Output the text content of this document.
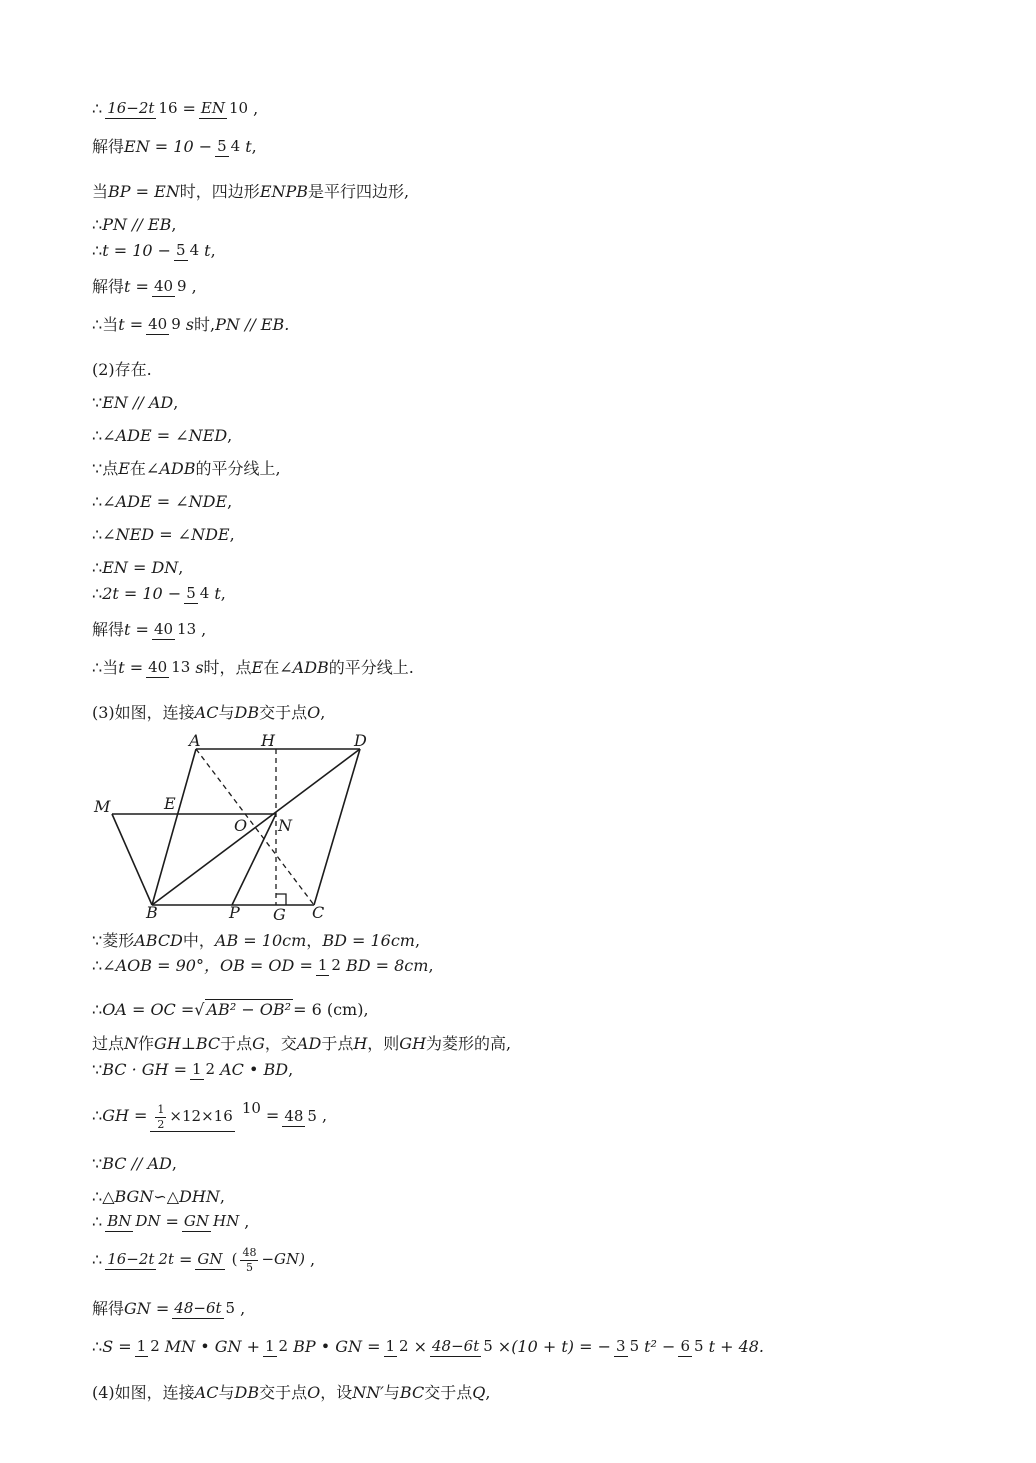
∴ 16−2t 16 = EN 10 ,
解得 EN = 10 − 5 4 t ,
当 BP = EN 时，四边形 ENPB 是平行四边形,
∴ PN // EB ,
∴ t = 10 − 5 4 t ,
解得 t = 40 9 ,
∴ 当 t = 40 9 s 时, PN // EB.
(2)存在.
∵ EN // AD ,
∴ ∠ADE = ∠NED ,
∵ 点 E 在 ∠ADB 的平分线上,
∴ ∠ADE = ∠NDE ,
∴ ∠NED = ∠NDE ,
∴ EN = DN ,
∴ 2t = 10 − 5 4 t ,
解得 t = 40 13 ,
∴ 当 t = 40 13 s 时，点 E 在 ∠ADB 的平分线上.
(3)如图，连接 AC 与 DB 交于点 O ,
A	H	D
M	E
O N
B	P G C
∵ 菱形 ABCD 中， AB = 10cm ， BD = 16cm ,
∴ ∠AOB = 90°，OB = OD = 1 2 BD = 8cm ,
∴ OA = OC = √ AB² − OB² = 6 (cm) ,
过点 N 作 GH⊥BC 于点 G ，交 AD 于点 H ，则 GH 为菱形的高,
∵ BC · GH = 1 2 AC • BD ,
∴ GH = $\frac{1}{2} \times 12\times 16$ 10 = 48 5 ,
∵ BC // AD ,
∴ △BGN∽△DHN ,
∴ BN DN = GN HN ,
∴ 16−2t 2t = GN ( 48
5 −GN) ,
解得 GN = 48−6t 5 ,
∴ S = 1 2 MN • GN + 1 2 BP • GN = 1 2 × 48−6t 5 ×(10 + t) = − 3 5 t² − 6 5 t + 48.
(4)如图，连接 AC 与 DB 交于点 O ，设 NN′ 与 BC 交于点 Q ,
